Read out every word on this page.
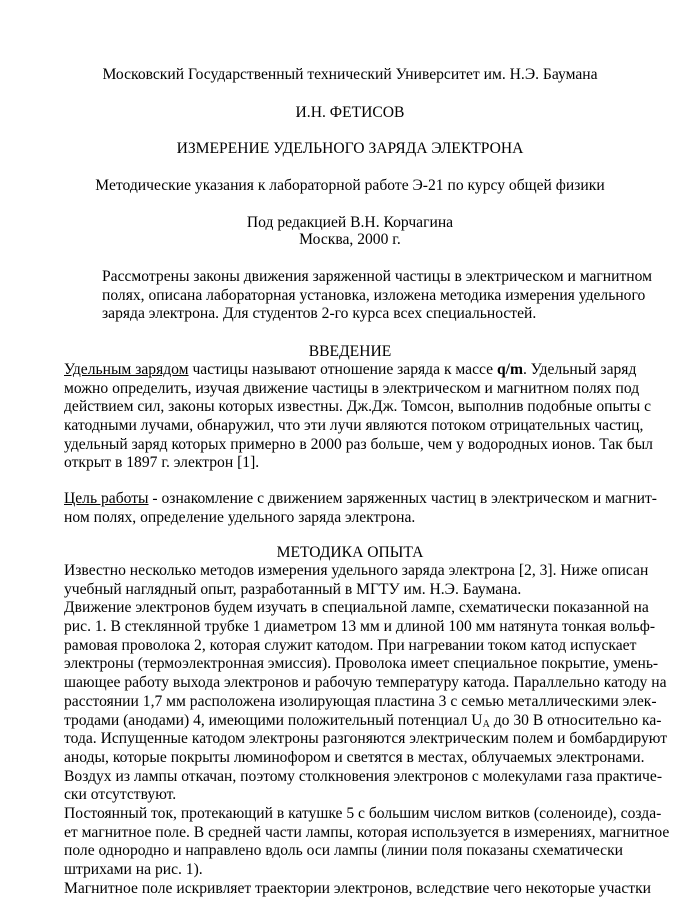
Московский Государственный технический Университет им. Н.Э. Баумана
И.Н. ФЕТИСОВ
ИЗМЕРЕНИЕ УДЕЛЬНОГО ЗАРЯДА ЭЛЕКТРОНА
Методические указания к лабораторной работе Э-21 по курсу общей физики
Под редакцией В.Н. Корчагина
Москва, 2000 г.
Рассмотрены законы движения заряженной частицы в электрическом и магнитном
полях, описана лабораторная установка, изложена методика измерения удельного
заряда электрона. Для студентов 2-го курса всех специальностей.
ВВЕДЕНИЕ
Удельным зарядом частицы называют отношение заряда к массе q/m. Удельный заряд
можно определить, изучая движение частицы в электрическом и магнитном полях под
действием сил, законы которых известны. Дж.Дж. Томсон, выполнив подобные опыты с
катодными лучами, обнаружил, что эти лучи являются потоком отрицательных частиц,
удельный заряд которых примерно в 2000 раз больше, чем у водородных ионов. Так был
открыт в 1897 г. электрон [1].
Цель работы - ознакомление с движением заряженных частиц в электрическом и магнит-
ном полях, определение удельного заряда электрона.
МЕТОДИКА ОПЫТА
Известно несколько методов измерения удельного заряда электрона [2, 3]. Ниже описан
учебный наглядный опыт, разработанный в МГТУ им. Н.Э. Баумана.
Движение электронов будем изучать в специальной лампе, схематически показанной на
рис. 1. В стеклянной трубке 1 диаметром 13 мм и длиной 100 мм натянута тонкая вольф-
рамовая проволока 2, которая служит катодом. При нагревании током катод испускает
электроны (термоэлектронная эмиссия). Проволока имеет специальное покрытие, умень-
шающее работу выхода электронов и рабочую температуру катода. Параллельно катоду на
расстоянии 1,7 мм расположена изолирующая пластина 3 с семью металлическими элек-
тродами (анодами) 4, имеющими положительный потенциал $U_A$ до 30 В относительно ка-
тода. Испущенные катодом электроны разгоняются электрическим полем и бомбардируют
аноды, которые покрыты люминофором и светятся в местах, облучаемых электронами.
Воздух из лампы откачан, поэтому столкновения электронов с молекулами газа практиче-
ски отсутствуют.
Постоянный ток, протекающий в катушке 5 с большим числом витков (соленоиде), созда-
ет магнитное поле. В средней части лампы, которая используется в измерениях, магнитное
поле однородно и направлено вдоль оси лампы (линии поля показаны схематически
штрихами на рис. 1).
Магнитное поле искривляет траектории электронов, вследствие чего некоторые участки
